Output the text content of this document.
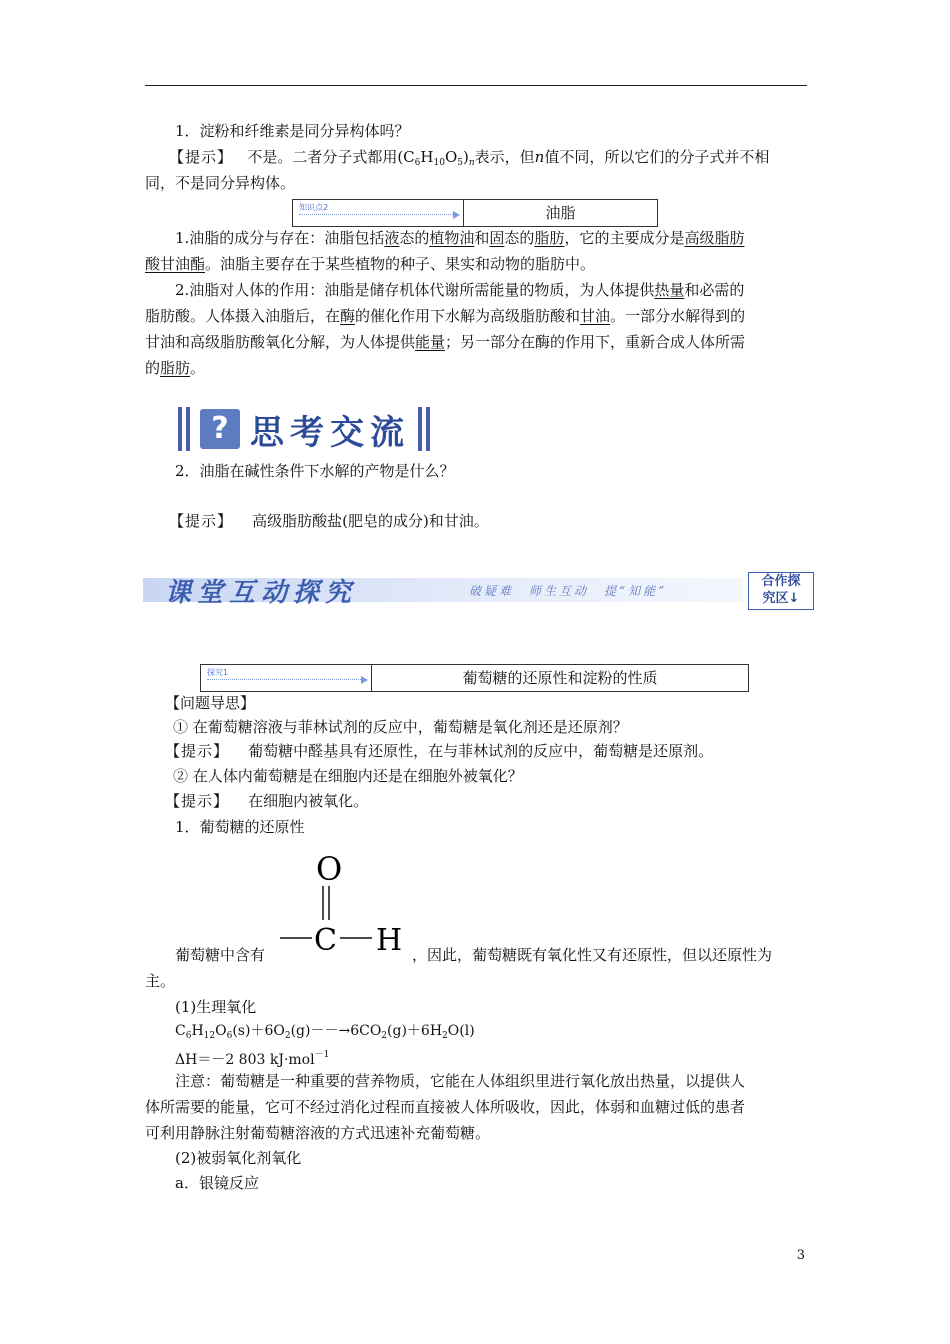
1．淀粉和纤维素是同分异构体吗？
【提示】 不是。二者分子式都用$(C_6H_{10}O_5)_n$表示，但n值不同，所以它们的分子式并不相
同，不是同分异构体。
知识点2	油脂
1.油脂的成分与存在：油脂包括液态的植物油和固态的脂肪，它的主要成分是高级脂肪
酸甘油酯。油脂主要存在于某些植物的种子、果实和动物的脂肪中。
2.油脂对人体的作用：油脂是储存机体代谢所需能量的物质，为人体提供热量和必需的
脂肪酸。人体摄入油脂后，在酶的催化作用下水解为高级脂肪酸和甘油。一部分水解得到的
甘油和高级脂肪酸氧化分解，为人体提供能量；另一部分在酶的作用下，重新合成人体所需
的脂肪。
? 思考交流
2．油脂在碱性条件下水解的产物是什么？
【提示】 高级脂肪酸盐(肥皂的成分)和甘油。
课堂互动探究	破疑难　师生互动　提“知能”
合作探
究区↓
探究1	葡萄糖的还原性和淀粉的性质
【问题导思】
① 在葡萄糖溶液与菲林试剂的反应中，葡萄糖是氧化剂还是还原剂？
【提示】 葡萄糖中醛基具有还原性，在与菲林试剂的反应中，葡萄糖是还原剂。
② 在人体内葡萄糖是在细胞内还是在细胞外被氧化？
【提示】 在细胞内被氧化。
1．葡萄糖的还原性
O
C H
葡萄糖中含有	，因此，葡萄糖既有氧化性又有还原性，但以还原性为
主。
(1)生理氧化
$C_6H_{12}O_6(s)+6O_2(g)--\to 6CO_2(g)+6H_2O(l)$
ΔH＝－2 803 kJ·mol$^{-1}$
注意：葡萄糖是一种重要的营养物质，它能在人体组织里进行氧化放出热量，以提供人
体所需要的能量，它可不经过消化过程而直接被人体所吸收，因此，体弱和血糖过低的患者
可利用静脉注射葡萄糖溶液的方式迅速补充葡萄糖。
(2)被弱氧化剂氧化
a．银镜反应
3
